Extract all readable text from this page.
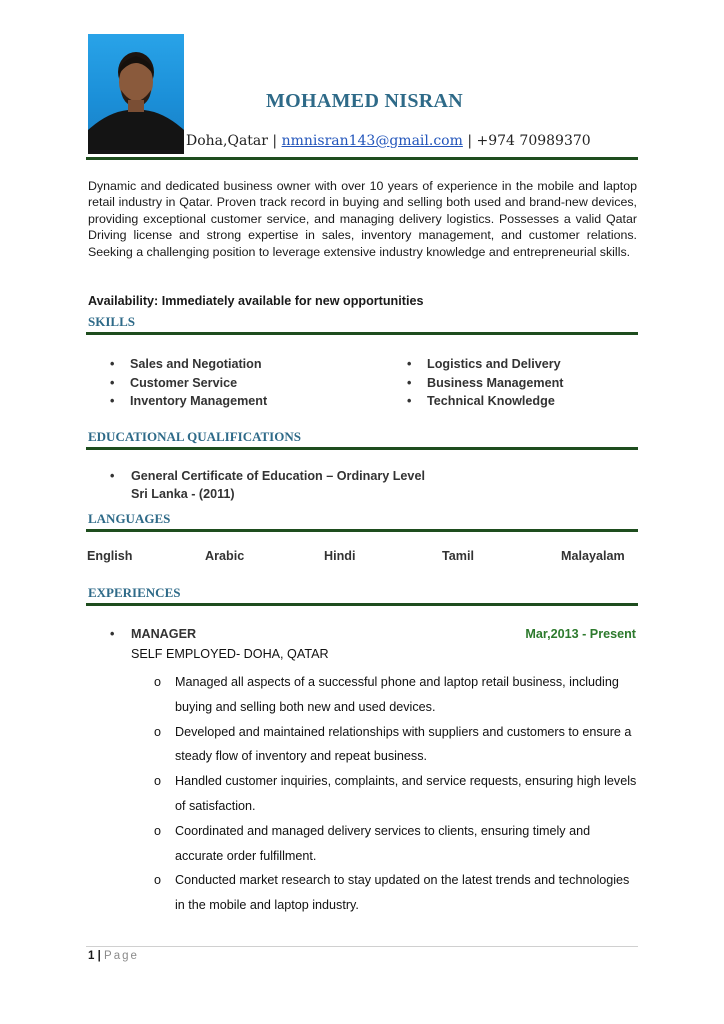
MOHAMED NISRAN
Doha,Qatar | nmnisran143@gmail.com | +974 70989370
Dynamic and dedicated business owner with over 10 years of experience in the mobile and laptop retail industry in Qatar. Proven track record in buying and selling both used and brand-new devices, providing exceptional customer service, and managing delivery logistics. Possesses a valid Qatar Driving license and strong expertise in sales, inventory management, and customer relations. Seeking a challenging position to leverage extensive industry knowledge and entrepreneurial skills.
Availability: Immediately available for new opportunities
SKILLS
• Sales and Negotiation
• Customer Service
• Inventory Management
• Logistics and Delivery
• Business Management
• Technical Knowledge
EDUCATIONAL QUALIFICATIONS
• General Certificate of Education – Ordinary Level
Sri Lanka - (2011)
LANGUAGES
English	Arabic	Hindi	Tamil	Malayalam
EXPERIENCES
• MANAGER	Mar,2013 - Present
SELF EMPLOYED- DOHA, QATAR
o Managed all aspects of a successful phone and laptop retail business, including buying and selling both new and used devices.
o Developed and maintained relationships with suppliers and customers to ensure a steady flow of inventory and repeat business.
o Handled customer inquiries, complaints, and service requests, ensuring high levels of satisfaction.
o Coordinated and managed delivery services to clients, ensuring timely and accurate order fulfillment.
o Conducted market research to stay updated on the latest trends and technologies in the mobile and laptop industry.
1 | Page
